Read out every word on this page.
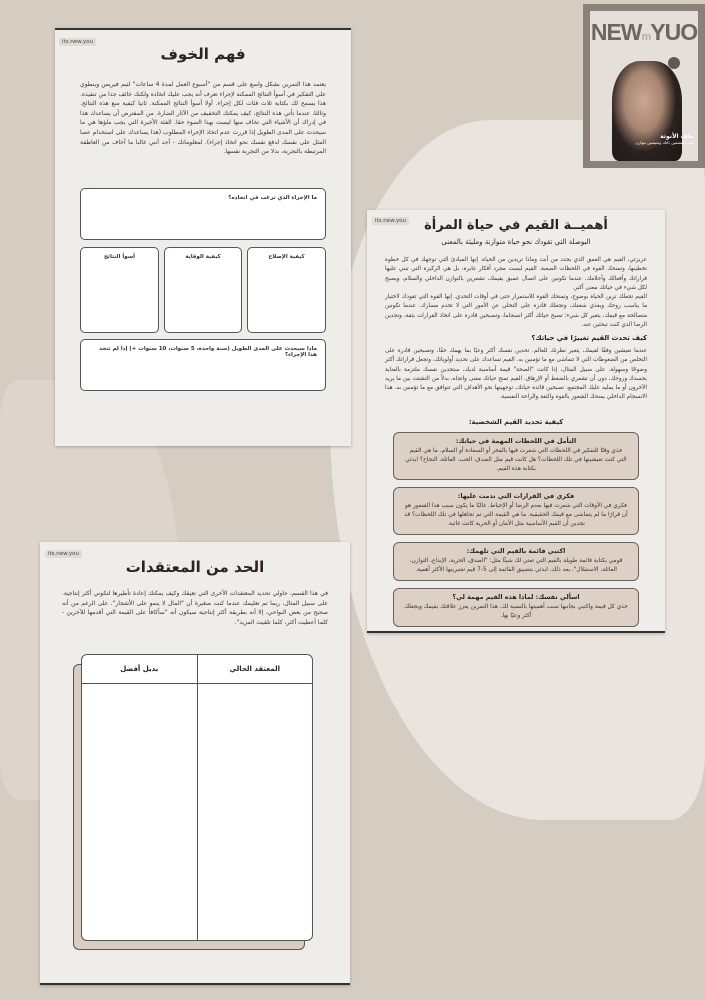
NEWmYUO
ملف الأنوثة
كيف تكتشفين ذاتك وتعيشين بتوازن
its.new.you
فهم الخوف
يعتمد هذا التمرين بشكل واسع على قسم من "أسبوع العمل لمدة 4 ساعات" لتيم فيريس وينطوي على التفكير في أسوأ النتائج الممكنة لإجراء تعرف أنه يجب عليك اتخاذه ولكنك خائف جدا من تنفيذه. هذا يسمح لك بكتابة ثلاث فئات لكل إجراء. أولا أسوأ النتائج الممكنة. ثانيا كيفية منع هذه النتائج. وثالثا، عندما تأتي هذه النتائج، كيف يمكنك التخفيف من الآثار الضارة. من المفترض أن يساعدك هذا في إدراك أن الأشياء التي تخاف منها ليست بهذا السوء حقا. الفئة الأخيرة التي يجب ملؤها هي ما سيحدث على المدى الطويل إذا قررت عدم اتخاذ الإجراء المطلوب (هذا يساعدك على استخدام عصا المثل على نفسك لدفع نفسك نحو اتخاذ إجراء). لمعلوماتك - أجد أنني غالبا ما أخاف من العاطفة المرتبطة بالتجربة، بدلا من التجربة نفسها.
ما الإجراء الذي ترغب في اتخاذه؟
كيفية الإصلاح
كيفية الوقاية
أسوأ النتائج
ماذا سيحدث على المدى الطويل (سنة واحدة، 5 سنوات، 10 سنوات +) إذا لم تتخذ هذا الإجراء؟
its.new.you	أهميــة القيم في حياة المرأة
البوصلة التي تقودك نحو حياة متوازنة ومليئة بالمعنى
عزيزتي، القيم هي العمق الذي يحدد من أنت وماذا تريدين من الحياة. إنها المبادئ التي توجهك في كل خطوة تخطينها، وتمنحك القوة في اللحظات الصعبة. القيم ليست مجرد أفكار عابرة، بل هي الركيزة التي تبني عليها قراراتك وأفعالك وأحلامك. عندما تكونين على اتصال عميق بقيمك، تشعرين بالتوازن الداخلي والسلام، ويصبح لكل شيء في حياتك معنى أكبر.
القيم تجعلك ترين الحياة بوضوح، وتمنحك القوة للاستمرار حتى في أوقات التحدي. إنها القوة التي تقودك لاختيار ما يناسب روحك ويغذي شغفك، وتجعلك قادرة على التخلي عن الأمور التي لا تخدم مسارك. عندما تكونين متصالحة مع قيمك، يتغير كل شيء: تصبح حياتك أكثر انسجاما، وتصبحين قادرة على اتخاذ القرارات بثقة، وتجدين الرضا الذي كنت تبحثين عنه.
كيف تحدث القيم تغييرًا في حياتك؟
عندما تعيشين وفقًا لقيمك، يتغير نظرتك للعالم. تحدين نفسك أكثر وعيًا بما يهمك حقًا، وتصبحين قادرة على التخلص من الضغوطات التي لا تتماشى مع ما تؤمنين به. القيم تساعدك على تحديد أولوياتك، وتجعل قراراتك أكثر وضوحًا وسهولة. على سبيل المثال، إذا كانت "الصحة" قيمة أساسية لديك، ستجدين نفسك ملتزمة بالعناية بجسدك وروحك، دون أن تشعري بالضغط أو الإرهاق. القيم تمنح حياتك معنى واتجاه، بدلاً من التشتت بين ما يريد الآخرون أو ما يمليه عليك المجتمع، تصبحين قائدة حياتك، توجهينها نحو الأهداف التي تتوافق مع ما تؤمنين به. هذا الانسجام الداخلي يمنحك الشعور بالقوة والثقة والراحة النفسية.
كيفية تحديد القيم الشخصية:
التأمل في اللحظات المهمة في حياتك:

خذي وقتًا للتفكير في اللحظات التي شعرت فيها بالفخر أو السعادة أو السلام. ما هي القيم التي كنت تعيشينها في تلك اللحظات؟ هل كانت قيم مثل الصدق، الحب، العائلة، النجاح؟ ابدئي بكتابة هذه القيم.

فكري في القرارات التي ندمت عليها:

فكري في الأوقات التي شعرت فيها بعدم الرضا أو الإحباط. غالبًا ما يكون سبب هذا الشعور هو أن قرارًا ما لم يتماشى مع قيمك الحقيقية. ما هي القيمة التي تم تجاهلها في تلك اللحظات؟ قد تجدين أن القيم الأساسية مثل الأمان أو الحرية كانت غائبة.

اكتبي قائمة بالقيم التي تلهمك:

قومي بكتابة قائمة طويلة بالقيم التي تعني لك شيئًا مثل: "الصدق، الحرية، الإبداع، التوازن، العائلة، الاستقلال". بعد ذلك، ابدئي بتضييق القائمة إلى 5-7 قيم تعتبرينها الأكثر أهمية.

اسألي نفسك: لماذا هذه القيم مهمة لي؟

خذي كل قيمة واكتبي بجانبها سبب أهميتها بالنسبة لك. هذا التمرين يعزز علاقتك بقيمك ويجعلك أكثر وعيًا بها.

its.new.you
الحد من المعتقدات
في هذا القسم، حاولي تحديد المعتقدات الأخرى التي تعيقك وكيف يمكنك إعادة تأطيرها لتكوني أكثر إنتاجية. على سبيل المثال، ربما تم تعليمك عندما كنت صغيرة أن "المال لا ينمو على الأشجار". على الرغم من أنه صحيح من بعض النواحي، إلا أنه بطريقة أكثر إنتاجية سيكون أنه "سأكافأ على القيمة التي أقدمها للآخرين - كلما أعطيت أكثر، كلما تلقيت المزيد".
المعتقد الحالي
بديل أفضل
